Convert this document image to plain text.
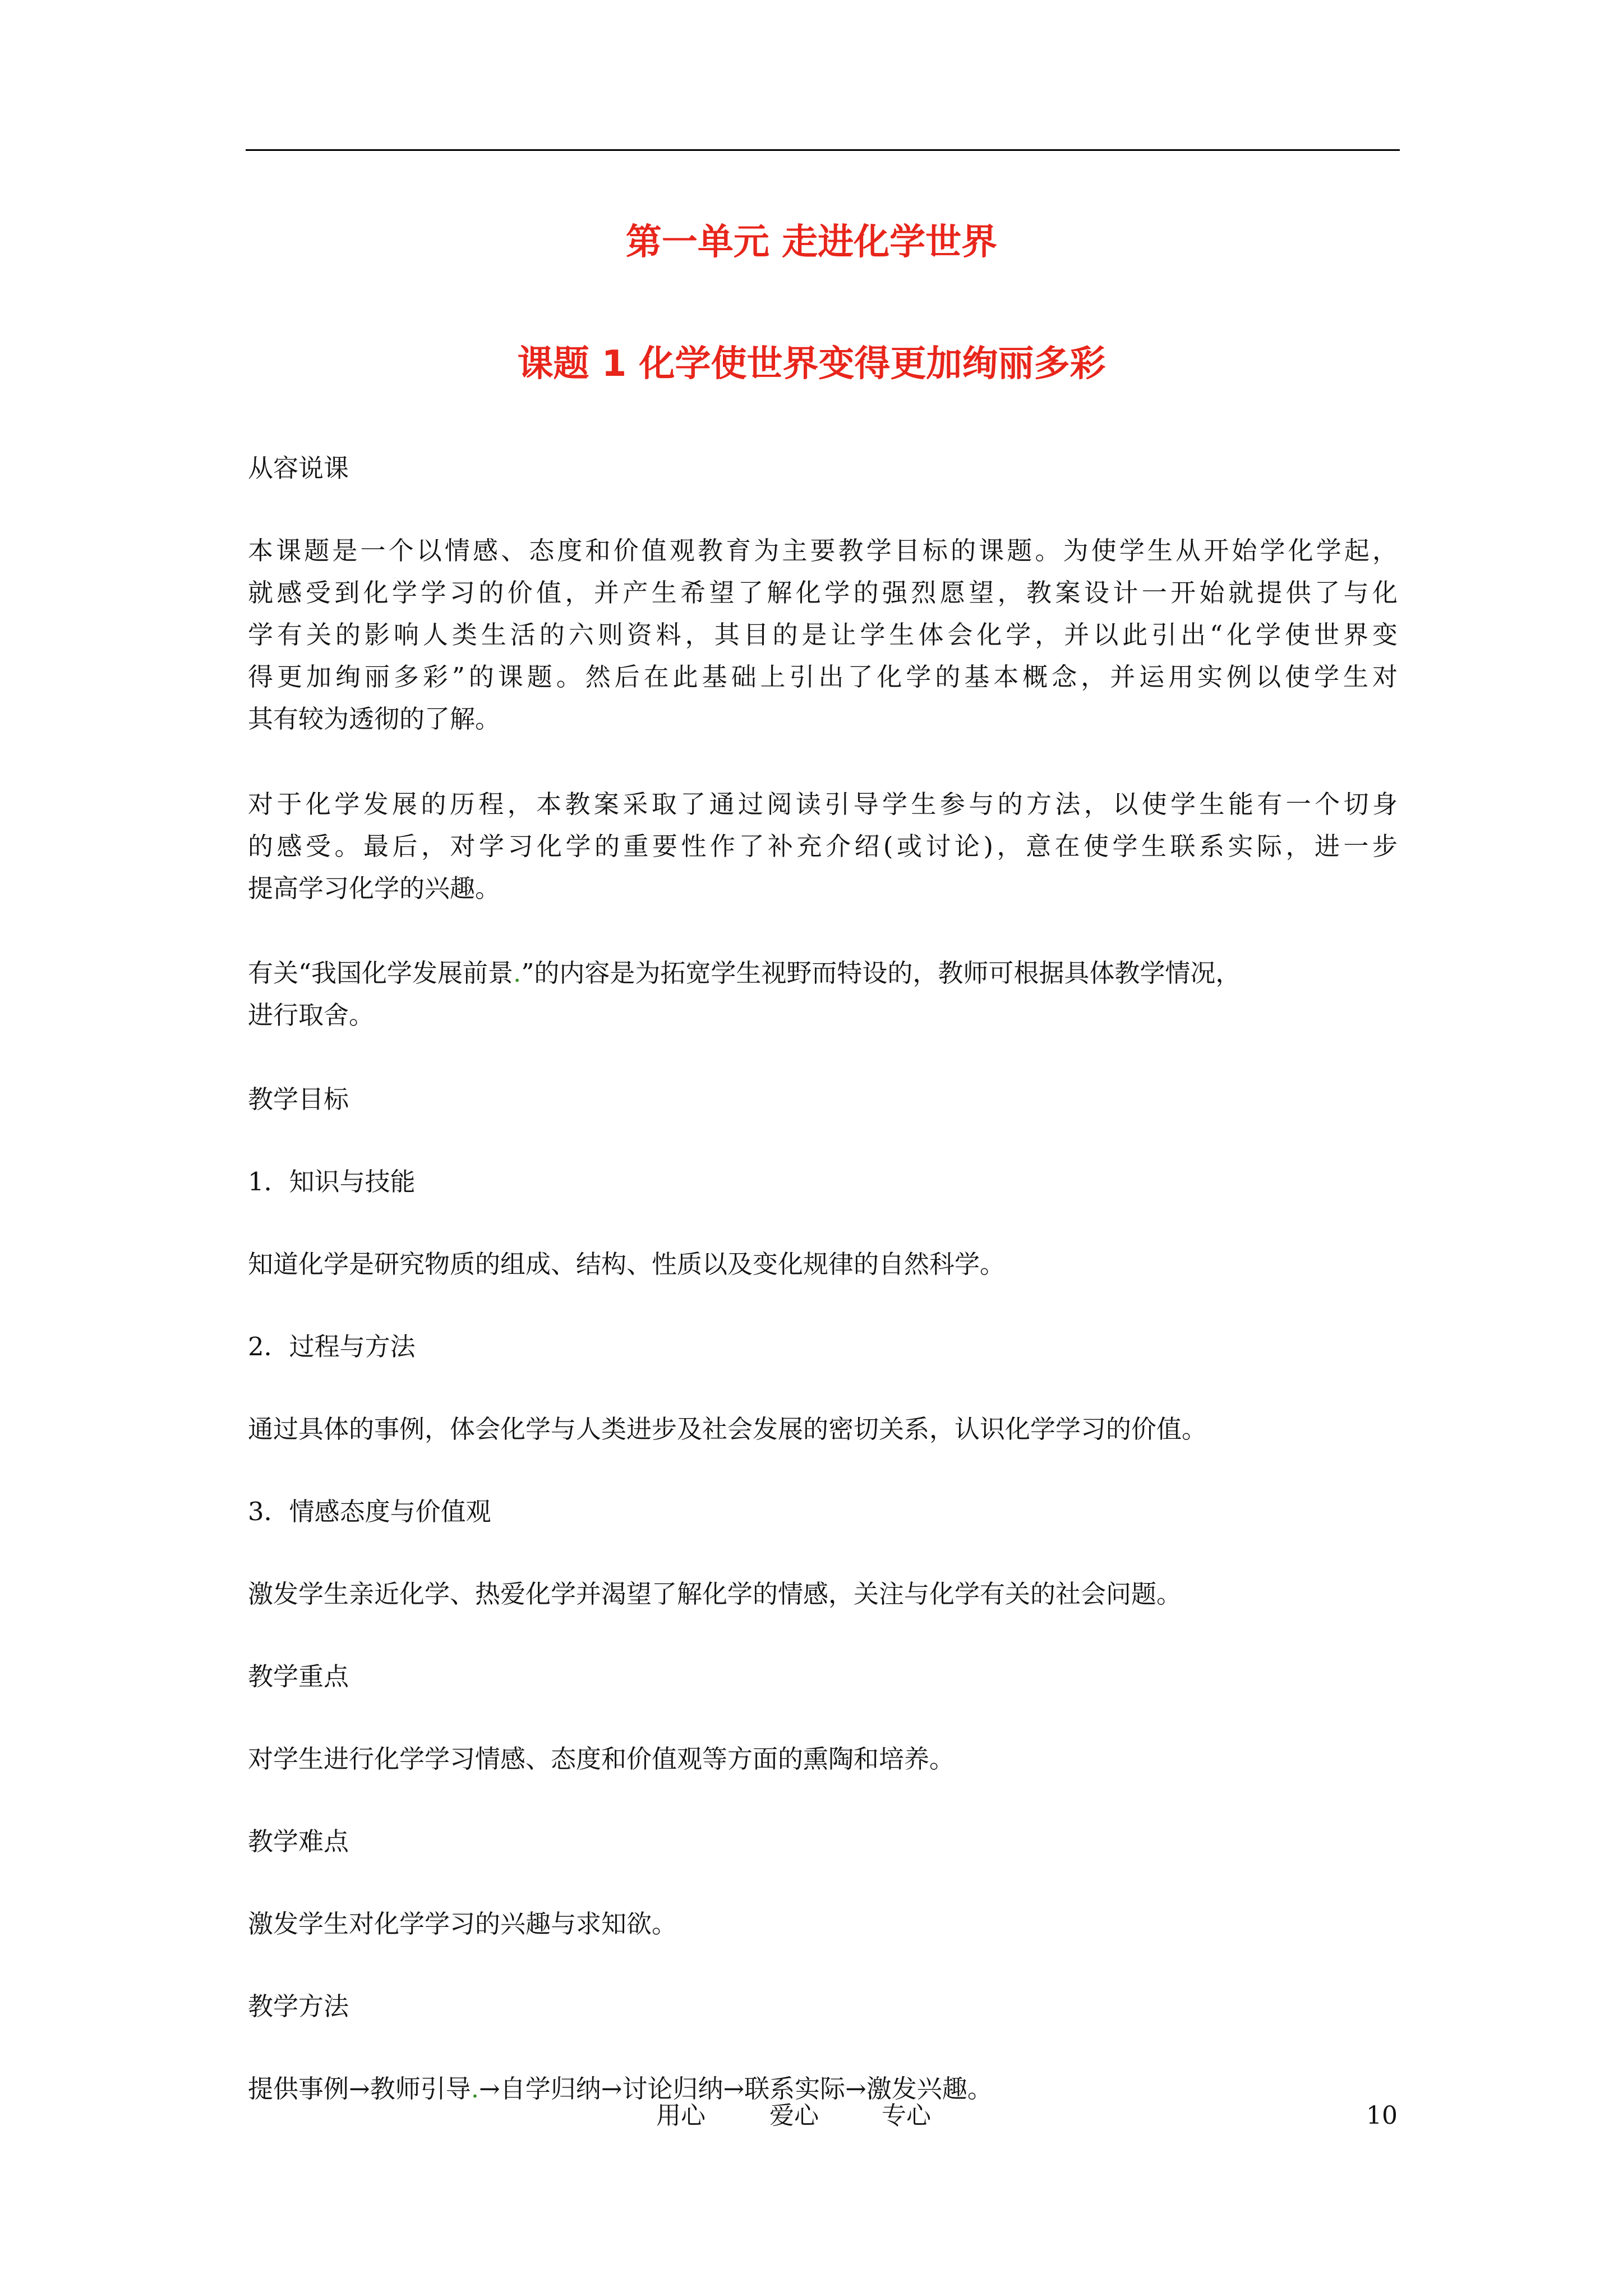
第一单元 走进化学世界
课题 1 化学使世界变得更加绚丽多彩
从容说课
本课题是一个以情感、态度和价值观教育为主要教学目标的课题。为使学生从开始学化学起，
就感受到化学学习的价值，并产生希望了解化学的强烈愿望，教案设计一开始就提供了与化
学有关的影响人类生活的六则资料，其目的是让学生体会化学，并以此引出“化学使世界变
得更加绚丽多彩”的课题。然后在此基础上引出了化学的基本概念，并运用实例以使学生对
其有较为透彻的了解。
对于化学发展的历程，本教案采取了通过阅读引导学生参与的方法，以使学生能有一个切身
的感受。最后，对学习化学的重要性作了补充介绍(或讨论)，意在使学生联系实际，进一步
提高学习化学的兴趣。
有关“我国化学发展前景.”的内容是为拓宽学生视野而特设的，教师可根据具体教学情况，
进行取舍。
教学目标
1．知识与技能
知道化学是研究物质的组成、结构、性质以及变化规律的自然科学。
2．过程与方法
通过具体的事例，体会化学与人类进步及社会发展的密切关系，认识化学学习的价值。
3．情感态度与价值观
激发学生亲近化学、热爱化学并渴望了解化学的情感，关注与化学有关的社会问题。
教学重点
对学生进行化学学习情感、态度和价值观等方面的熏陶和培养。
教学难点
激发学生对化学学习的兴趣与求知欲。
教学方法
提供事例→教师引导.→自学归纳→讨论归纳→联系实际→激发兴趣。
用心	爱心	专心	10
